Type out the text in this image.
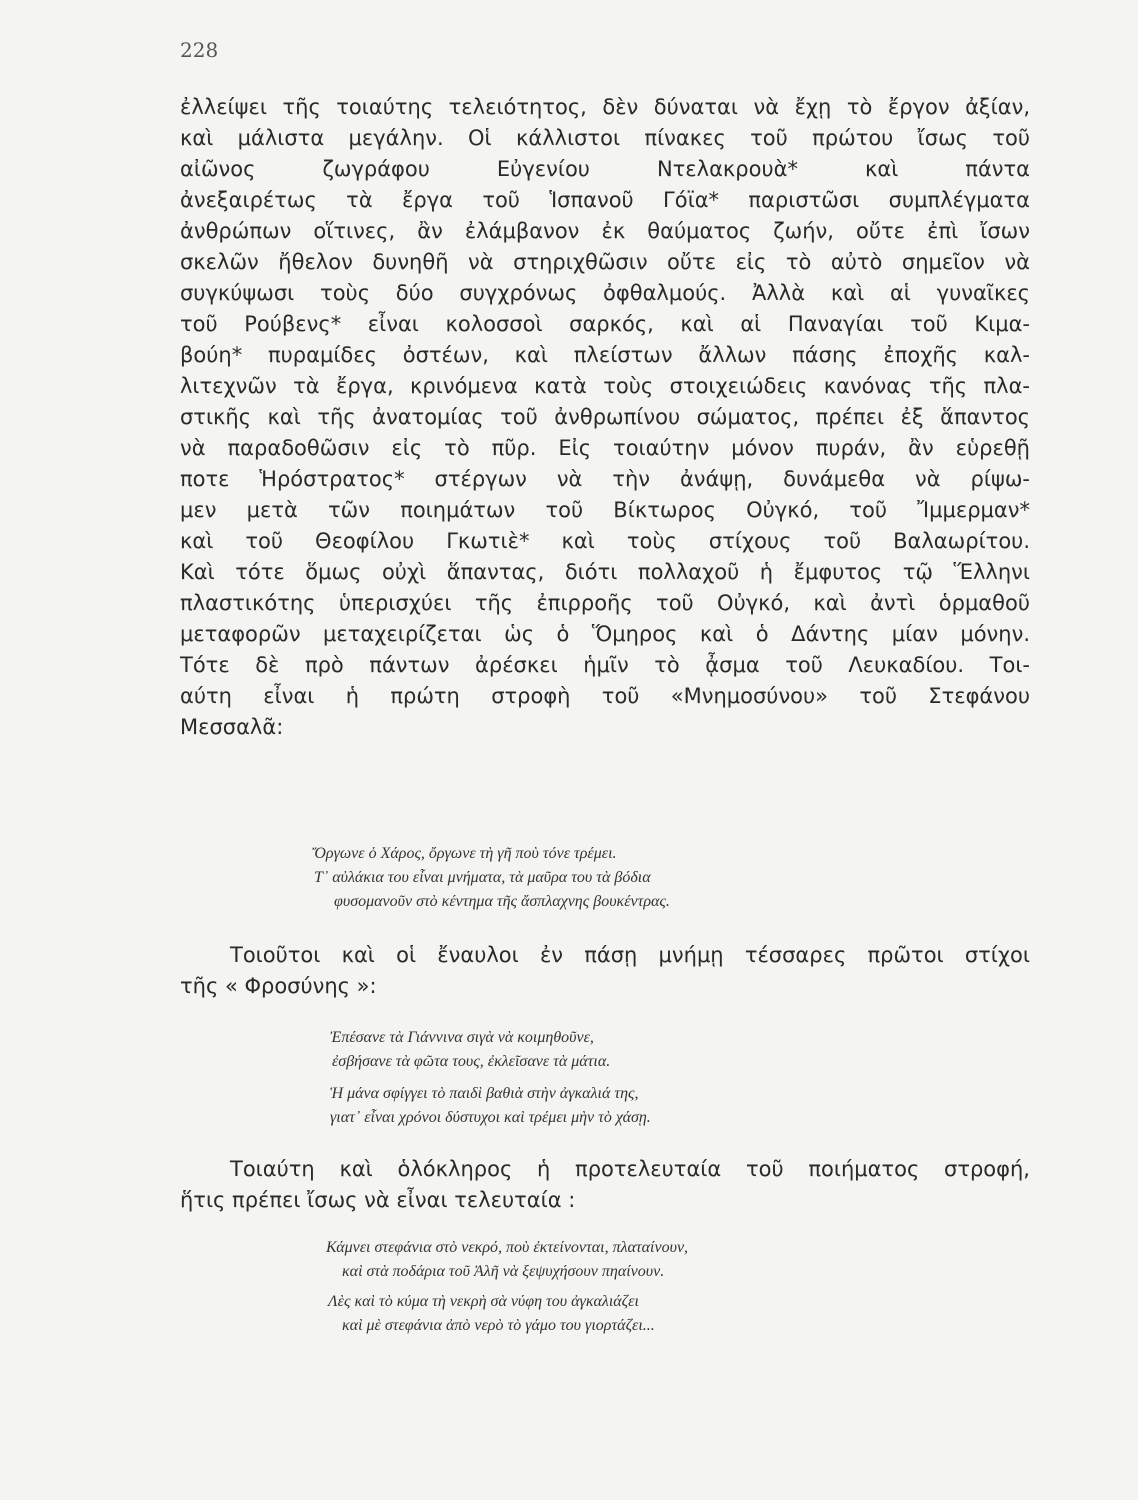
228
ἐλλείψει τῆς τοιαύτης τελειότητος, δὲν δύναται νὰ ἔχῃ τὸ ἔργον ἀξίαν,
καὶ μάλιστα μεγάλην. Οἱ κάλλιστοι πίνακες τοῦ πρώτου ἴσως τοῦ
αἰῶνος ζωγράφου Εὐγενίου Ντελακρουὰ* καὶ πάντα
ἀνεξαιρέτως τὰ ἔργα τοῦ Ἱσπανοῦ Γόϊα* παριστῶσι συμπλέγματα
ἀνθρώπων οἵτινες, ἂν ἐλάμβανον ἐκ θαύματος ζωήν, οὔτε ἐπὶ ἴσων
σκελῶν ἤθελον δυνηθῆ νὰ στηριχθῶσιν οὔτε εἰς τὸ αὐτὸ σημεῖον νὰ
συγκύψωσι τοὺς δύο συγχρόνως ὀφθαλμούς. Ἀλλὰ καὶ αἱ γυναῖκες
τοῦ Ρούβενς* εἶναι κολοσσοὶ σαρκός, καὶ αἱ Παναγίαι τοῦ Κιμα-
βούη* πυραμίδες ὀστέων, καὶ πλείστων ἄλλων πάσης ἐποχῆς καλ-
λιτεχνῶν τὰ ἔργα, κρινόμενα κατὰ τοὺς στοιχειώδεις κανόνας τῆς πλα-
στικῆς καὶ τῆς ἀνατομίας τοῦ ἀνθρωπίνου σώματος, πρέπει ἐξ ἅπαντος
νὰ παραδοθῶσιν εἰς τὸ πῦρ. Εἰς τοιαύτην μόνον πυράν, ἂν εὑρεθῇ
ποτε Ἡρόστρατος* στέργων νὰ τὴν ἀνάψῃ, δυνάμεθα νὰ ρίψω-
μεν μετὰ τῶν ποιημάτων τοῦ Βίκτωρος Οὐγκό, τοῦ Ἴμμερμαν*
καὶ τοῦ Θεοφίλου Γκωτιὲ* καὶ τοὺς στίχους τοῦ Βαλαωρίτου.
Καὶ τότε ὅμως οὐχὶ ἅπαντας, διότι πολλαχοῦ ἡ ἔμφυτος τῷ Ἕλληνι
πλαστικότης ὑπερισχύει τῆς ἐπιρροῆς τοῦ Οὐγκό, καὶ ἀντὶ ὁρμαθοῦ
μεταφορῶν μεταχειρίζεται ὡς ὁ Ὅμηρος καὶ ὁ Δάντης μίαν μόνην.
Τότε δὲ πρὸ πάντων ἀρέσκει ἡμῖν τὸ ᾆσμα τοῦ Λευκαδίου. Τοι-
αύτη εἶναι ἡ πρώτη στροφὴ τοῦ «Μνημοσύνου» τοῦ Στεφάνου
Μεσσαλᾶ:
Ὄργωνε ὁ Χάρος, ὄργωνε τὴ γῆ ποὺ τόνε τρέμει.
Τ᾽ αὐλάκια του εἶναι μνήματα, τὰ μαῦρα του τὰ βόδια
φυσομανοῦν στὸ κέντημα τῆς ἄσπλαχνης βουκέντρας.
Τοιοῦτοι καὶ οἱ ἔναυλοι ἐν πάσῃ μνήμῃ τέσσαρες πρῶτοι στίχοι
τῆς « Φροσύνης »:
Ἐπέσανε τὰ Γιάννινα σιγὰ νὰ κοιμηθοῦνε,
ἐσβήσανε τὰ φῶτα τους, ἐκλεῖσανε τὰ μάτια.
Ἡ μάνα σφίγγει τὸ παιδὶ βαθιὰ στὴν ἀγκαλιά της,
γιατ᾽ εἶναι χρόνοι δύστυχοι καὶ τρέμει μὴν τὸ χάσῃ.
Τοιαύτη καὶ ὁλόκληρος ἡ προτελευταία τοῦ ποιήματος στροφή,
ἥτις πρέπει ἴσως νὰ εἶναι τελευταία :
Κάμνει στεφάνια στὸ νεκρό, ποὺ ἐκτείνονται, πλαταίνουν,
καὶ στὰ ποδάρια τοῦ Ἀλῆ νὰ ξεψυχήσουν πηαίνουν.
Λὲς καὶ τὸ κύμα τὴ νεκρὴ σὰ νύφη του ἀγκαλιάζει
καὶ μὲ στεφάνια ἀπὸ νερὸ τὸ γάμο του γιορτάζει...
